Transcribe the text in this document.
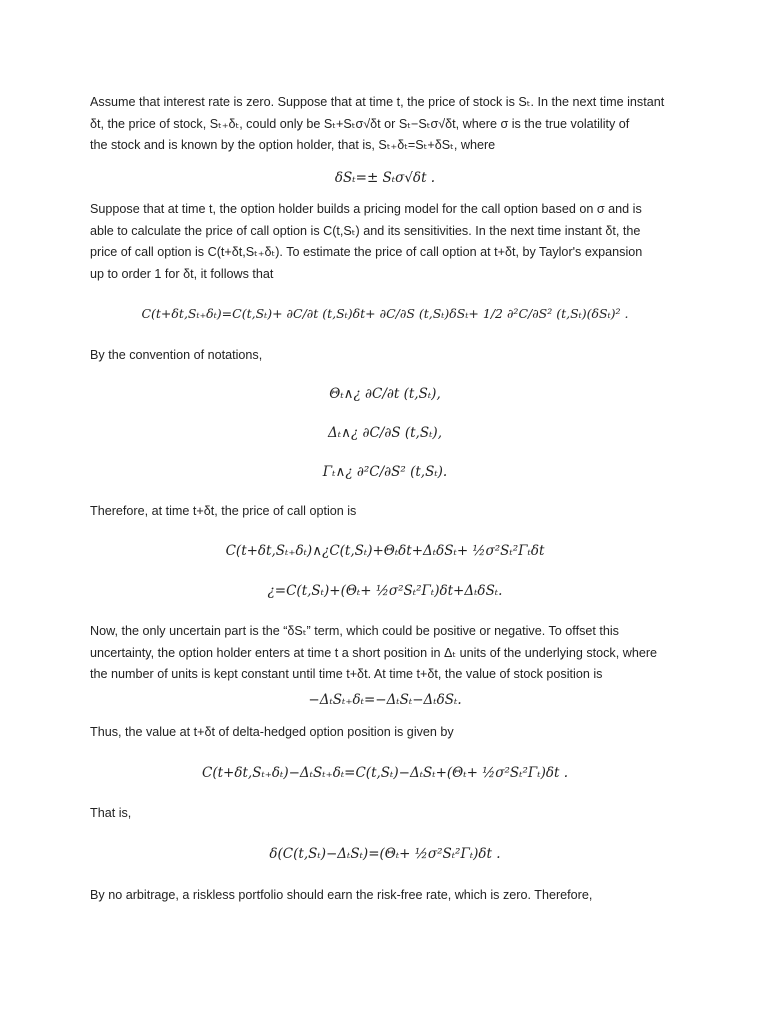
Assume that interest rate is zero. Suppose that at time t, the price of stock is Sₜ. In the next time instant
δt, the price of stock, Sₜ₊δₜ, could only be Sₜ+Sₜσ√δt or Sₜ−Sₜσ√δt, where σ is the true volatility of
the stock and is known by the option holder, that is, Sₜ₊δₜ=Sₜ+δSₜ, where
δSₜ=± Sₜσ√δt .
Suppose that at time t, the option holder builds a pricing model for the call option based on σ and is
able to calculate the price of call option is C(t,Sₜ) and its sensitivities. In the next time instant δt, the
price of call option is C(t+δt,Sₜ₊δₜ). To estimate the price of call option at t+δt, by Taylor's expansion
up to order 1 for δt, it follows that
C(t+δt,Sₜ₊δₜ)=C(t,Sₜ)+ ∂C/∂t (t,Sₜ)δt+ ∂C/∂S (t,Sₜ)δSₜ+ 1/2 ∂²C/∂S² (t,Sₜ)(δSₜ)² .
By the convention of notations,
Θₜ∧¿ ∂C/∂t (t,Sₜ),
Δₜ∧¿ ∂C/∂S (t,Sₜ),
Γₜ∧¿ ∂²C/∂S² (t,Sₜ).
Therefore, at time t+δt, the price of call option is
C(t+δt,Sₜ₊δₜ)∧¿C(t,Sₜ)+Θₜδt+ΔₜδSₜ+ ½σ²Sₜ²Γₜδt
¿=C(t,Sₜ)+(Θₜ+ ½σ²Sₜ²Γₜ)δt+ΔₜδSₜ.
Now, the only uncertain part is the “δSₜ” term, which could be positive or negative. To offset this
uncertainty, the option holder enters at time t a short position in Δₜ units of the underlying stock, where
the number of units is kept constant until time t+δt. At time t+δt, the value of stock position is
−ΔₜSₜ₊δₜ=−ΔₜSₜ−ΔₜδSₜ.
Thus, the value at t+δt of delta-hedged option position is given by
C(t+δt,Sₜ₊δₜ)−ΔₜSₜ₊δₜ=C(t,Sₜ)−ΔₜSₜ+(Θₜ+ ½σ²Sₜ²Γₜ)δt .
That is,
δ(C(t,Sₜ)−ΔₜSₜ)=(Θₜ+ ½σ²Sₜ²Γₜ)δt .
By no arbitrage, a riskless portfolio should earn the risk-free rate, which is zero. Therefore,
